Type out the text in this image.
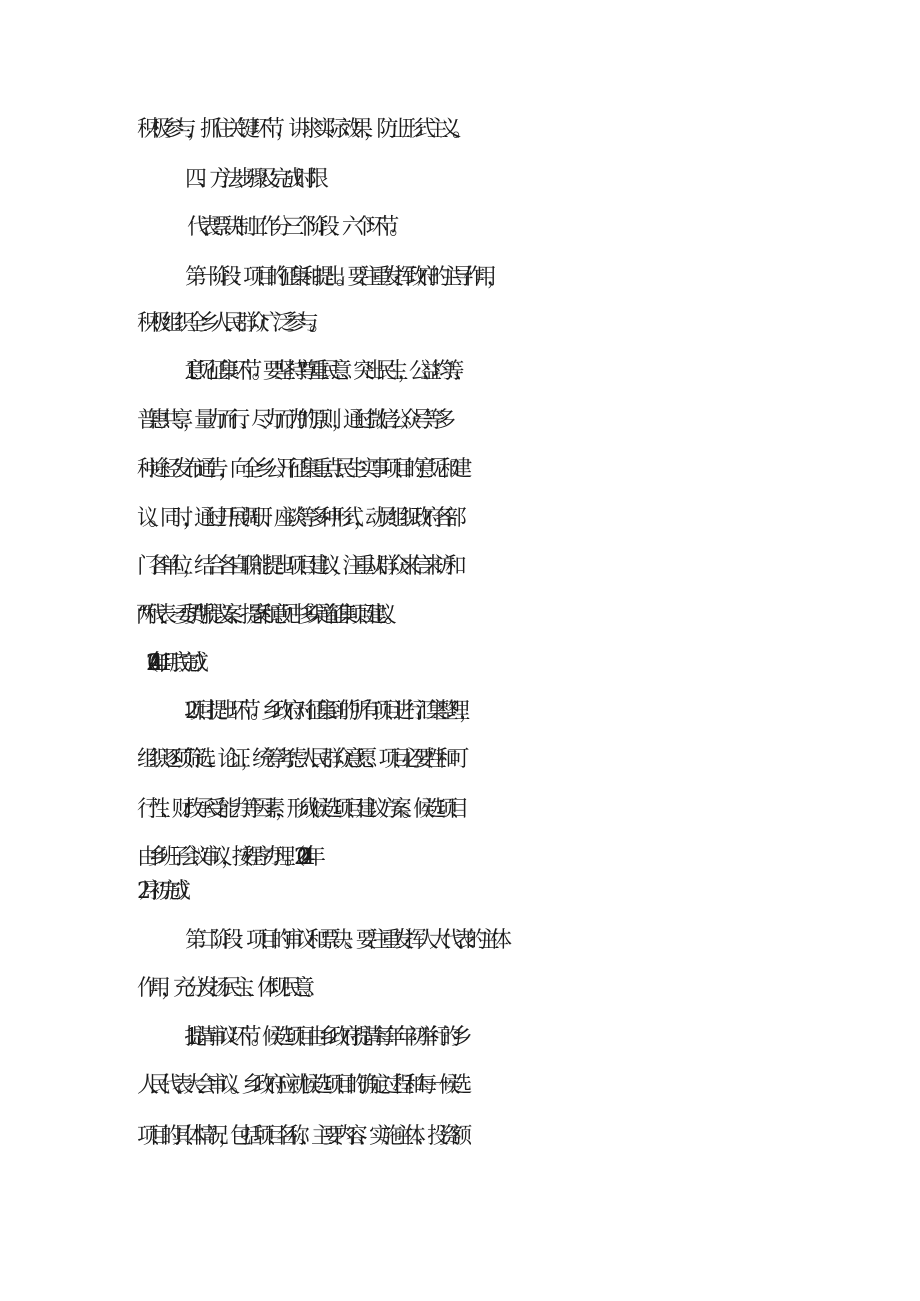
积极参与，抓住关键环节，讲求实际效果，防止形式主义。
四、方法步骤及完成时限
代表票决制工作分三个阶段、六个环节。
第一阶段：项目的征集和提出。要注重发挥政府的主导作用，
积极组织全乡人民群众广泛参与。
1.意见征集环节。要坚持“尊重民意、突出民生，公益均等、
普惠共享，量力而行、尽力而为”的原则，通过微信公众号等多
种途径发布通告，向全乡公开征集重点民生实事项目的意见和建
议。同时，通过开展调研、座谈等多种形式，动员组织政府各部
门各单位，结合各自职能提出项目建议；注重从群众来信来访和
“两代表一委员”所提议案、提案和意见中多渠道征集项目建议。
（2024年1月底完成）
2.项目提出环节。乡政府对征集到的所有项目进行汇集整理，
组织逐项筛选、论证，统筹考虑人民群众意愿、项目必要性和可
行性、财政承受能力等因素，形成候选项目建议方案。候选项目
由乡班子会议审议，按程序办理。（2024年
2月初完成）
第二阶段：项目的审议和票决。要注重发挥人大代表的主体
作用，充分发扬民主、体现民意。
1.提请审议环节。候选项目由乡政府提请每年年初举行的乡
人民代表大会审议。乡政府应就候选项目的确定过程和每一候选
项目的具体情况，包括项目名称、主要内容、实施主体、投资额
